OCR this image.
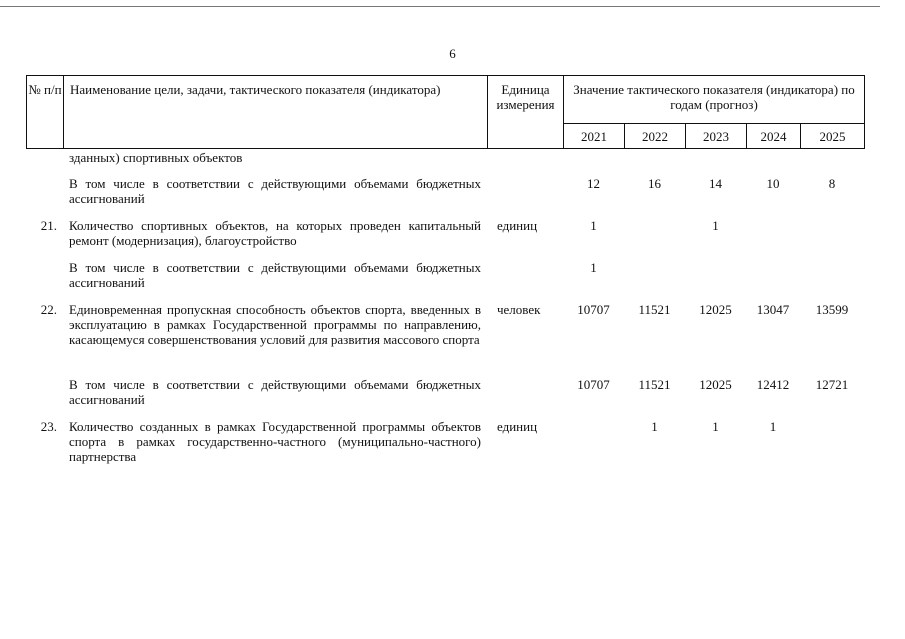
6
№ п/п	Наименование цели, задачи, тактического показателя (индикатора)	Единица измерения	Значение тактического показателя (индикатора) по годам (прогноз)				
			2021	2022	2023	2024	2025
	зданных) спортивных объектов						
	В том числе в соответствии с действующими объемами бюджетных ассигнований		12	16	14	10	8
21.	Количество спортивных объектов, на которых проведен капитальный ремонт (модернизация), благоустройство	единиц	1		1		
	В том числе в соответствии с действующими объемами бюджетных ассигнований		1				
22.	Единовременная пропускная способность объектов спорта, введенных в эксплуатацию в рамках Государственной программы по направлению, касающемуся совершенствования условий для развития массового спорта	человек	10707	11521	12025	13047	13599
	В том числе в соответствии с действующими объемами бюджетных ассигнований		10707	11521	12025	12412	12721
23.	Количество созданных в рамках Государственной программы объектов спорта в рамках государственно-частного (муниципально-частного) партнерства	единиц		1	1	1	
